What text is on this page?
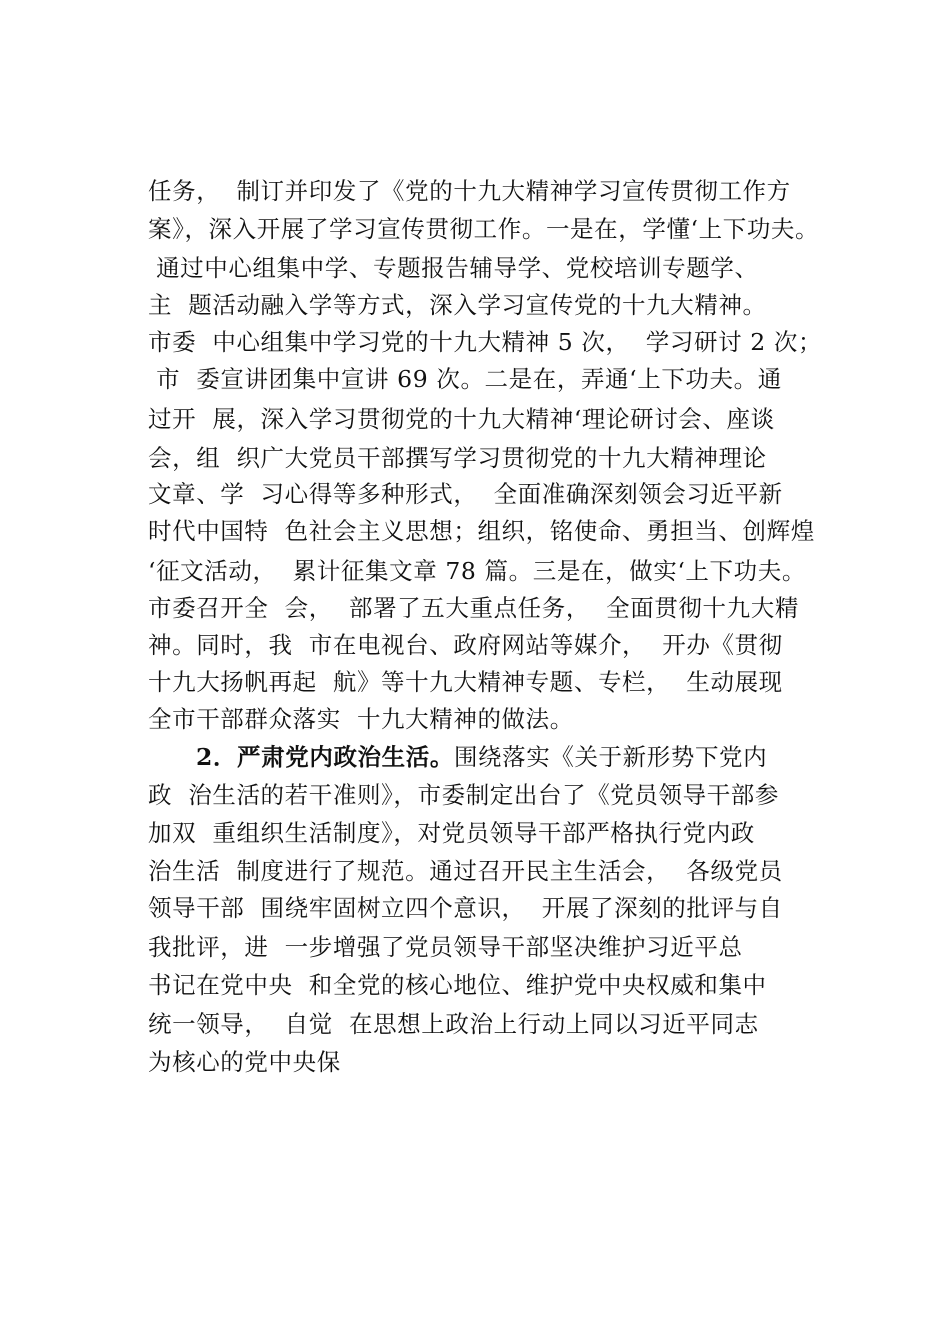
任务，  制订并印发了《党的十九大精神学习宣传贯彻工作方
案》，深入开展了学习宣传贯彻工作。一是在，学懂‘上下功夫。
通过中心组集中学、专题报告辅导学、党校培训专题学、
主  题活动融入学等方式，深入学习宣传党的十九大精神。
市委  中心组集中学习党的十九大精神 5 次，  学习研讨 2 次；
市  委宣讲团集中宣讲 69 次。二是在，弄通‘上下功夫。通
过开  展，深入学习贯彻党的十九大精神‘理论研讨会、座谈
会，组  织广大党员干部撰写学习贯彻党的十九大精神理论
文章、学  习心得等多种形式，  全面准确深刻领会习近平新
时代中国特  色社会主义思想；组织，铭使命、勇担当、创辉煌
‘征文活动，  累计征集文章 78 篇。三是在，做实‘上下功夫。
市委召开全  会，  部署了五大重点任务，  全面贯彻十九大精
神。同时，我  市在电视台、政府网站等媒介，  开办《贯彻
十九大扬帆再起  航》等十九大精神专题、专栏，  生动展现
全市干部群众落实  十九大精神的做法。
2．严肃党内政治生活。围绕落实《关于新形势下党内
政  治生活的若干准则》，市委制定出台了《党员领导干部参
加双  重组织生活制度》，对党员领导干部严格执行党内政
治生活  制度进行了规范。通过召开民主生活会，  各级党员
领导干部  围绕牢固树立四个意识，  开展了深刻的批评与自
我批评，进  一步增强了党员领导干部坚决维护习近平总
书记在党中央  和全党的核心地位、维护党中央权威和集中
统一领导，  自觉  在思想上政治上行动上同以习近平同志
为核心的党中央保
